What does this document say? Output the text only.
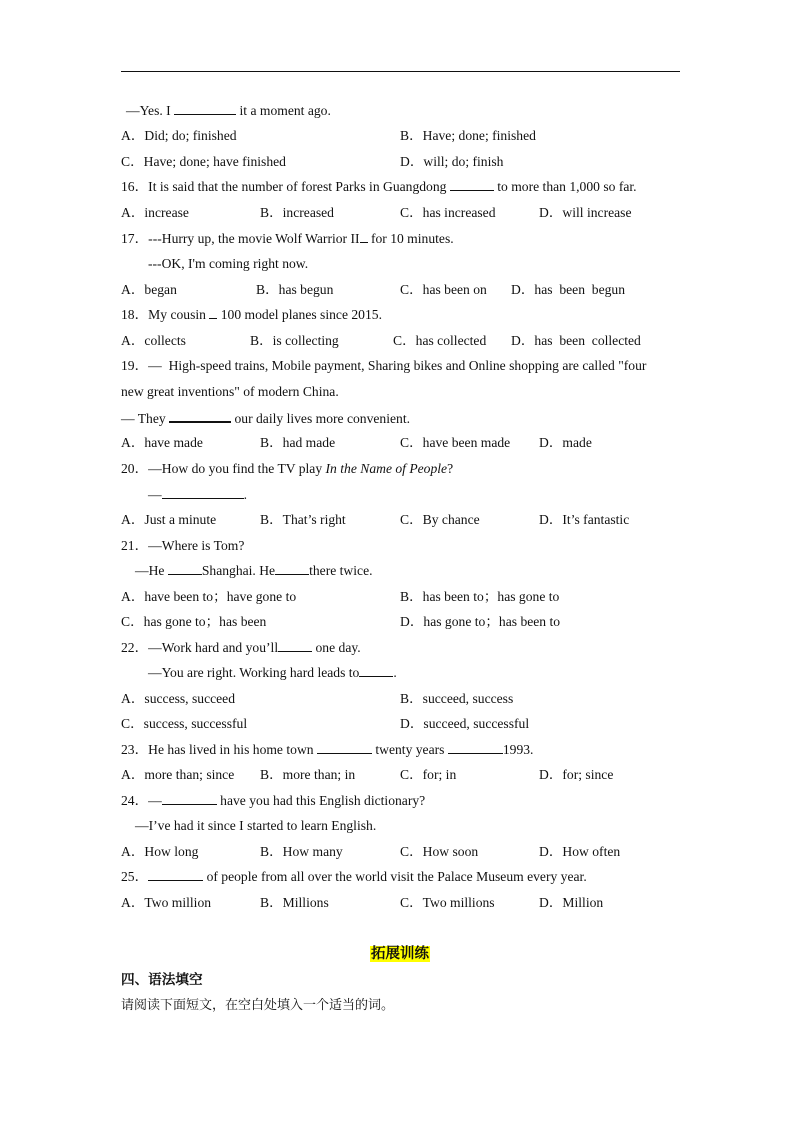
—Yes. I	it a moment ago.
A．Did; do; finished	B．Have; done; finished
C．Have; done; have finished	D．will; do; finish
16．It is said that the number of forest Parks in Guangdong	to more than 1,000 so far.
A．increase	B．increased	C．has increased	D．will increase
17．---Hurry up, the movie Wolf Warrior II for 10 minutes.
---OK, I'm coming right now.
A．began	B．has begun	C．has been on D．has  been  begun
18．My cousin  100 model planes since 2015.
A．collects	B．is collecting	C．has collected D．has  been  collected
19．—  High-speed trains, Mobile payment, Sharing bikes and Online shopping are called "four
new great inventions" of modern China.
— They	our daily lives more convenient.
A．have made	B．had made	C．have been made D．made
20．—How do you find the TV play In the Name of People?
—	.
A．Just a minute	B．That’s right	C．By chance	D．It’s fantastic
21．—Where is Tom?
—He	Shanghai. He	there twice.
A．have been to；have gone to	B．has been to；has gone to
C．has gone to；has been	D．has gone to；has been to
22．—Work hard and you’ll	one day.
—You are right. Working hard leads to	.
A．success, succeed	B．succeed, success
C．success, successful	D．succeed, successful
23．He has lived in his home town	twenty years	1993.
A．more than; since B．more than; in	C．for; in	D．for; since
24．—	have you had this English dictionary?
—I’ve had it since I started to learn English.
A．How long	B．How many	C．How soon	D．How often
25．	of people from all over the world visit the Palace Museum every year.
A．Two million	B．Millions	C．Two millions	D．Million
拓展训练
四、语法填空
请阅读下面短文，在空白处填入一个适当的词。
